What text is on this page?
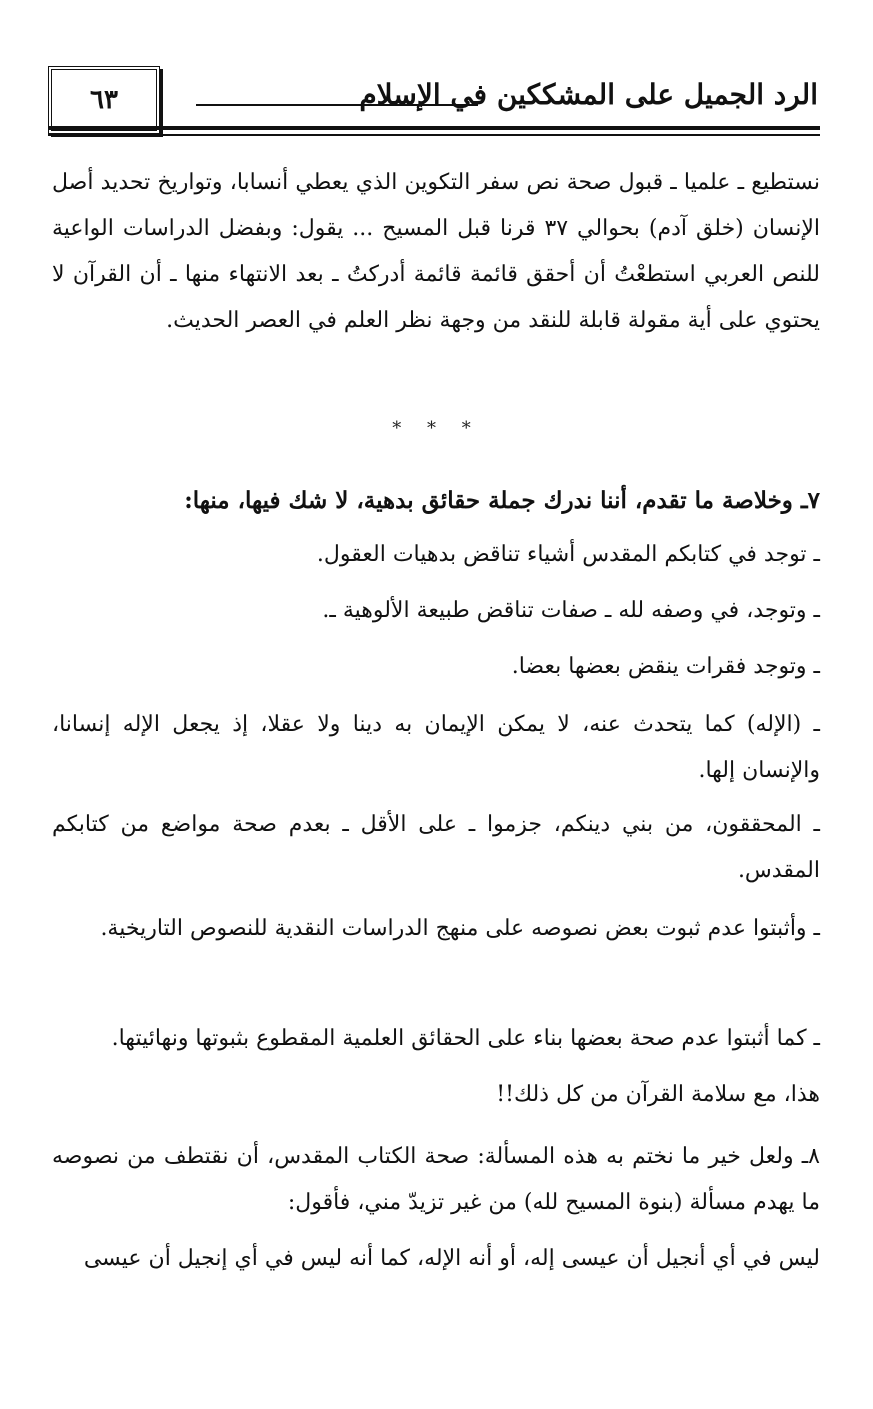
٦٣	الرد الجميل على المشككين في الإسلام

نستطيع ـ علميا ـ قبول صحة نص سفر التكوين الذي يعطي أنسابا، وتواريخ تحديد أصل الإنسان (خلق آدم) بحوالي ٣٧ قرنا قبل المسيح ... يقول: وبفضل الدراسات الواعية للنص العربي استطعْتُ أن أحقق قائمة قائمة أدركتُ ـ بعد الانتهاء منها ـ أن القرآن لا يحتوي على أية مقولة قابلة للنقد من وجهة نظر العلم في العصر الحديث.

* * *

٧ـ وخلاصة ما تقدم، أننا ندرك جملة حقائق بدهية، لا شك فيها، منها:

ـ توجد في كتابكم المقدس أشياء تناقض بدهيات العقول.

ـ وتوجد، في وصفه لله ـ صفات تناقض طبيعة الألوهية ـ.

ـ وتوجد فقرات ينقض بعضها بعضا.

ـ (الإله) كما يتحدث عنه، لا يمكن الإيمان به دينا ولا عقلا، إذ يجعل الإله إنسانا، والإنسان إلها.

ـ المحققون، من بني دينكم، جزموا ـ على الأقل ـ بعدم صحة مواضع من كتابكم المقدس.

ـ وأثبتوا عدم ثبوت بعض نصوصه على منهج الدراسات النقدية للنصوص التاريخية.

ـ كما أثبتوا عدم صحة بعضها بناء على الحقائق العلمية المقطوع بثبوتها ونهائيتها.

هذا، مع سلامة القرآن من كل ذلك!!

٨ـ ولعل خير ما نختم به هذه المسألة: صحة الكتاب المقدس، أن نقتطف من نصوصه ما يهدم مسألة (بنوة المسيح لله) من غير تزيدّ مني، فأقول:

ليس في أي أنجيل أن عيسى إله، أو أنه الإله، كما أنه ليس في أي إنجيل أن عيسى
